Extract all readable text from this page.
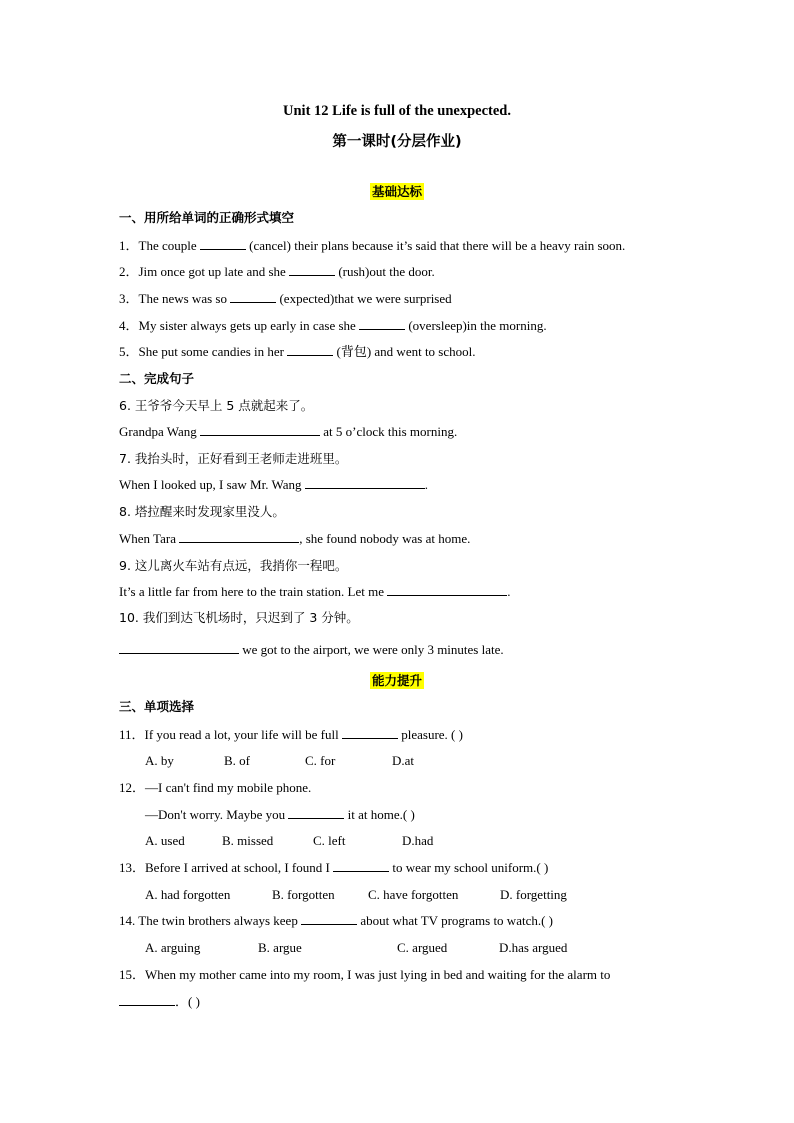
Unit 12 Life is full of the unexpected.
第一课时(分层作业)
基础达标
一、用所给单词的正确形式填空
1．The couple	(cancel) their plans because it’s said that there will be a heavy rain soon.
2．Jim once got up late and she	(rush)out the door.
3．The news was so	(expected)that we were surprised
4．My sister always gets up early in case she	(oversleep)in the morning.
5．She put some candies in her	(背包) and went to school.
二、完成句子
6. 王爷爷今天早上 5 点就起来了。
Grandpa Wang	at 5 o’clock this morning.
7. 我抬头时，正好看到王老师走进班里。
When I looked up, I saw Mr. Wang	.
8. 塔拉醒来时发现家里没人。
When Tara	, she found nobody was at home.
9. 这儿离火车站有点远，我捎你一程吧。
It’s a little far from here to the train station. Let me	.
10. 我们到达飞机场时，只迟到了 3 分钟。
we got to the airport, we were only 3 minutes late.
能力提升
三、单项选择
11．If you read a lot, your life will be full	pleasure. ( )
A. by	B. of	C. for	D.at
12．—I can't find my mobile phone.
—Don't worry. Maybe you	it at home.( )
A. used	B. missed	C. left	D.had
13．Before I arrived at school, I found I	to wear my school uniform.( )
A. had forgotten	B. forgotten	C. have forgotten	D. forgetting
14. The twin brothers always keep	about what TV programs to watch.( )
A. arguing	B. argue	C. argued	D.has argued
15．When my mother came into my room, I was just lying in bed and waiting for the alarm to
．( )
